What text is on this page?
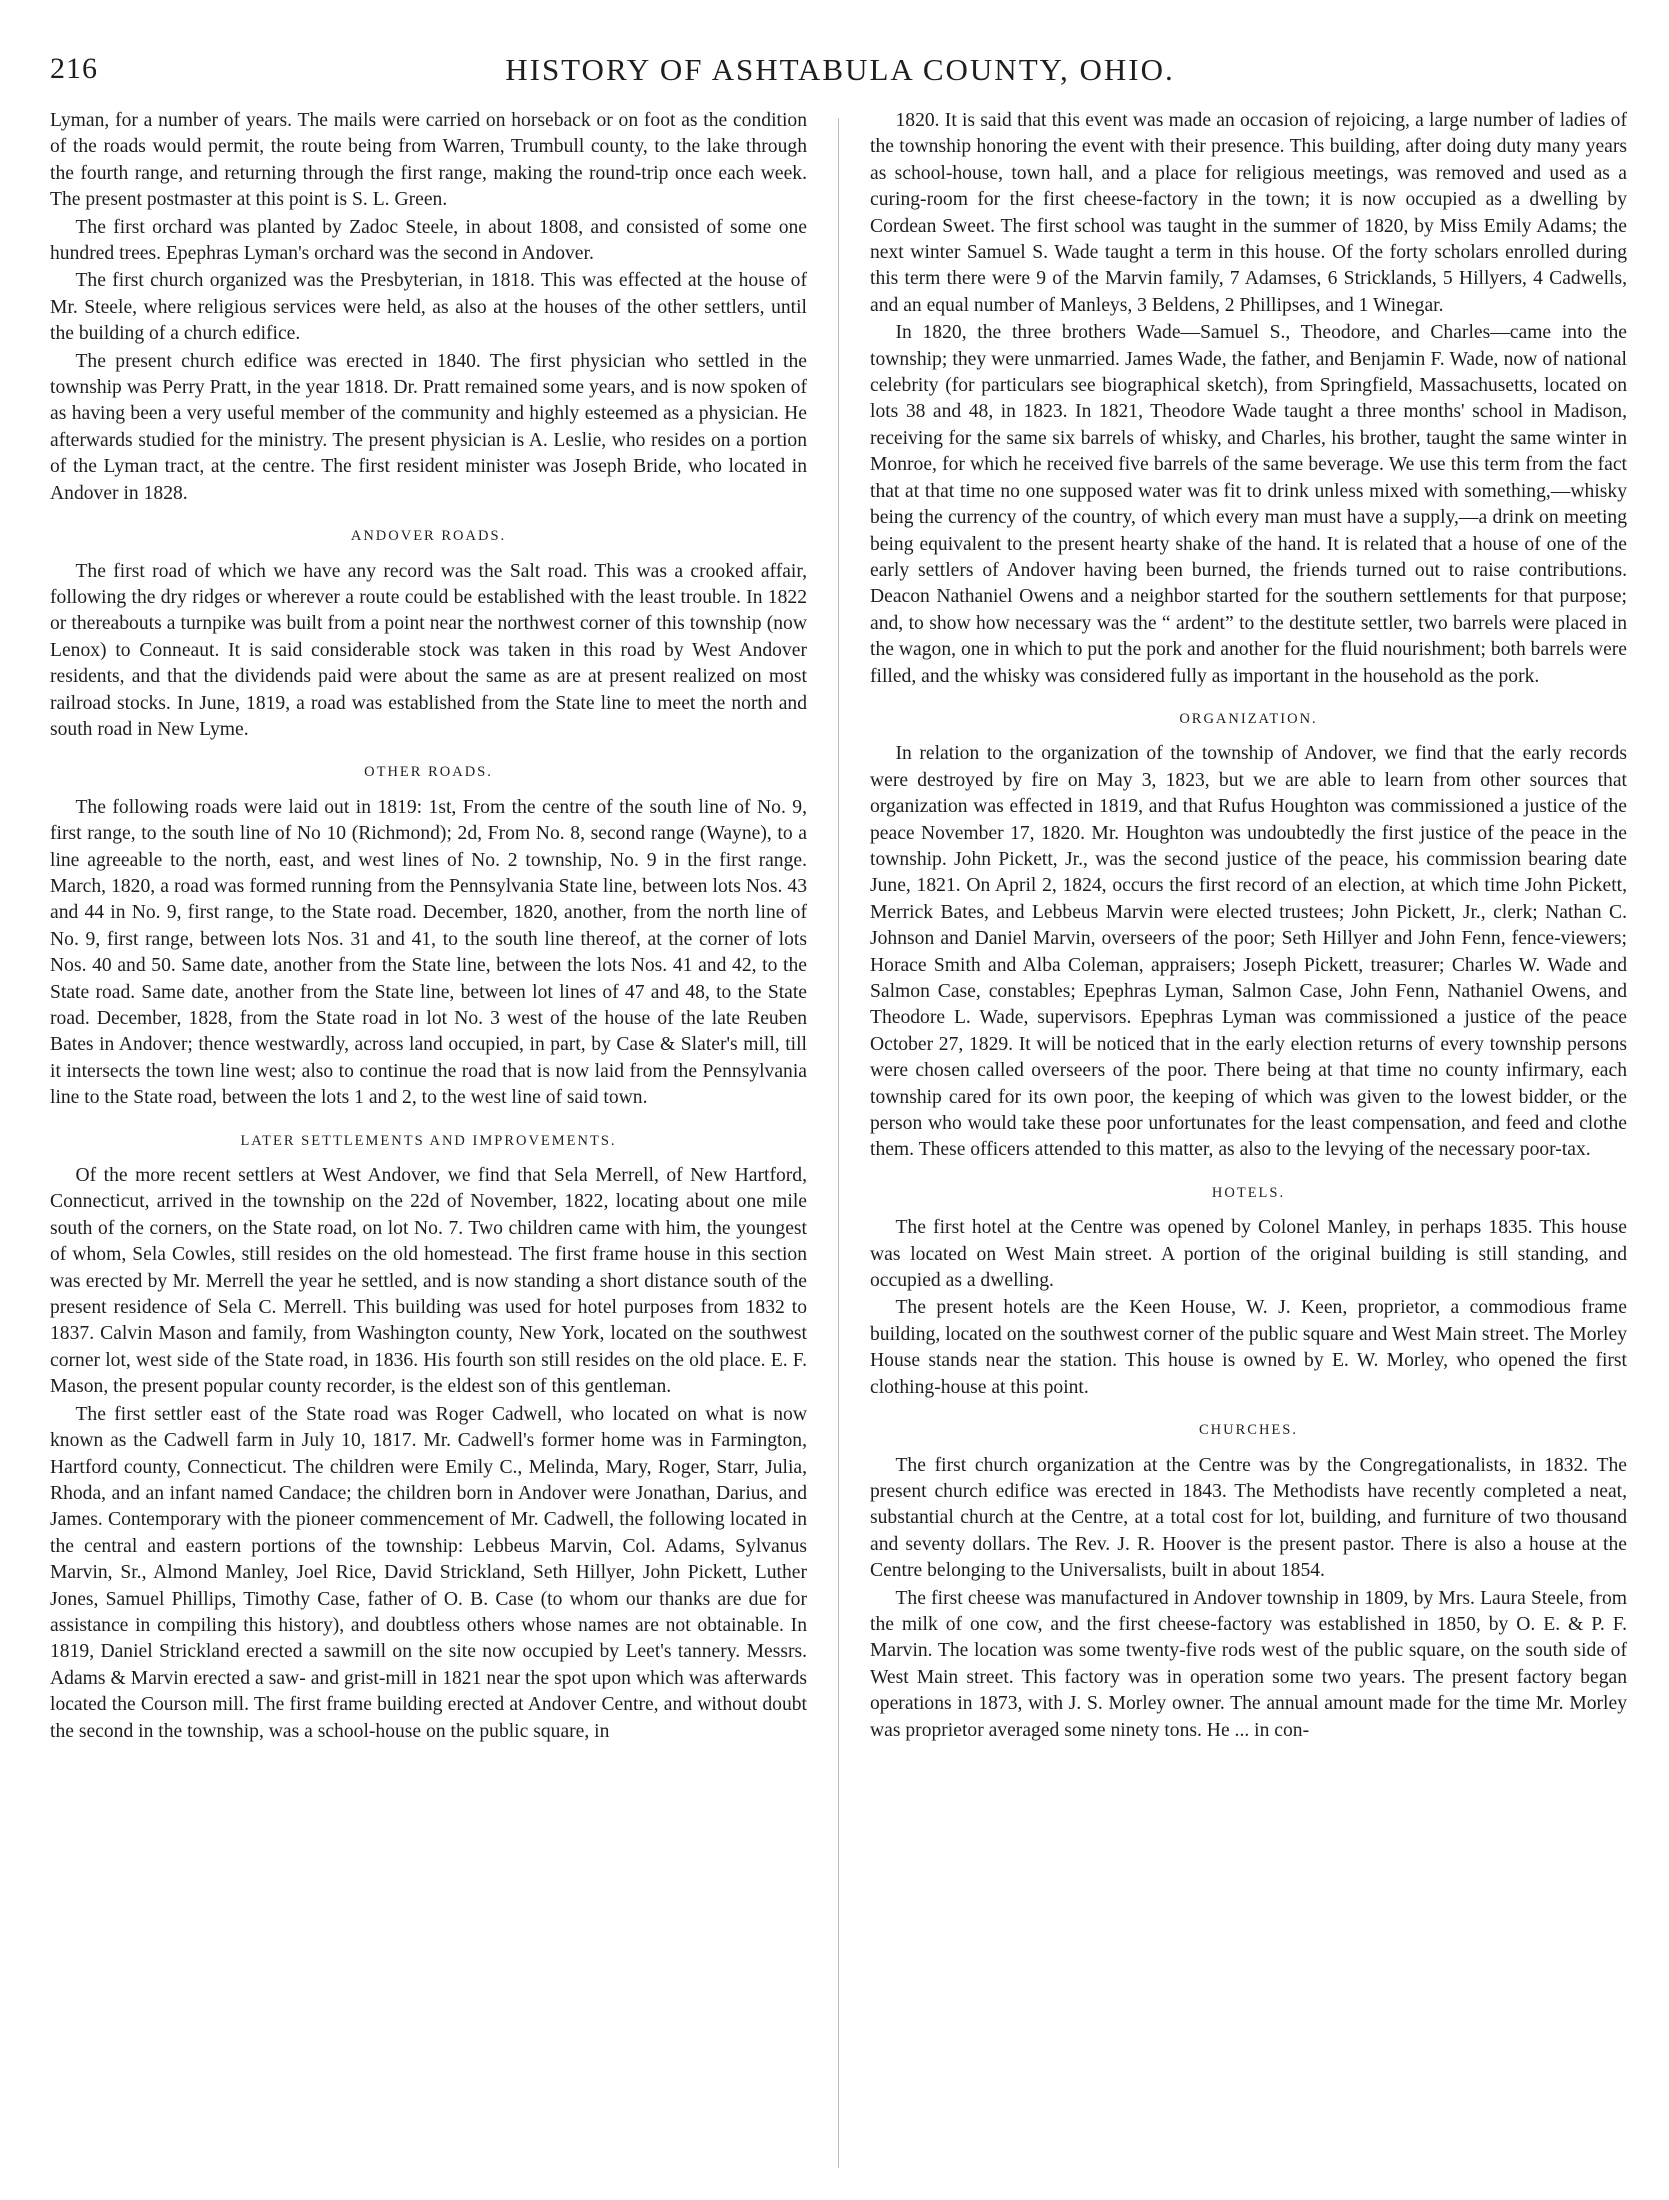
216	HISTORY OF ASHTABULA COUNTY, OHIO.

Lyman, for a number of years. The mails were carried on horseback or on foot as the condition of the roads would permit, the route being from Warren, Trumbull county, to the lake through the fourth range, and returning through the first range, making the round-trip once each week. The present postmaster at this point is S. L. Green.

The first orchard was planted by Zadoc Steele, in about 1808, and consisted of some one hundred trees. Epephras Lyman's orchard was the second in Andover.

The first church organized was the Presbyterian, in 1818. This was effected at the house of Mr. Steele, where religious services were held, as also at the houses of the other settlers, until the building of a church edifice.

The present church edifice was erected in 1840. The first physician who settled in the township was Perry Pratt, in the year 1818. Dr. Pratt remained some years, and is now spoken of as having been a very useful member of the community and highly esteemed as a physician. He afterwards studied for the ministry. The present physician is A. Leslie, who resides on a portion of the Lyman tract, at the centre. The first resident minister was Joseph Bride, who located in Andover in 1828.

ANDOVER ROADS.

The first road of which we have any record was the Salt road. This was a crooked affair, following the dry ridges or wherever a route could be established with the least trouble. In 1822 or thereabouts a turnpike was built from a point near the northwest corner of this township (now Lenox) to Conneaut. It is said considerable stock was taken in this road by West Andover residents, and that the dividends paid were about the same as are at present realized on most railroad stocks. In June, 1819, a road was established from the State line to meet the north and south road in New Lyme.

OTHER ROADS.

The following roads were laid out in 1819: 1st, From the centre of the south line of No. 9, first range, to the south line of No 10 (Richmond); 2d, From No. 8, second range (Wayne), to a line agreeable to the north, east, and west lines of No. 2 township, No. 9 in the first range. March, 1820, a road was formed running from the Pennsylvania State line, between lots Nos. 43 and 44 in No. 9, first range, to the State road. December, 1820, another, from the north line of No. 9, first range, between lots Nos. 31 and 41, to the south line thereof, at the corner of lots Nos. 40 and 50. Same date, another from the State line, between the lots Nos. 41 and 42, to the State road. Same date, another from the State line, between lot lines of 47 and 48, to the State road. December, 1828, from the State road in lot No. 3 west of the house of the late Reuben Bates in Andover; thence westwardly, across land occupied, in part, by Case & Slater's mill, till it intersects the town line west; also to continue the road that is now laid from the Pennsylvania line to the State road, between the lots 1 and 2, to the west line of said town.

LATER SETTLEMENTS AND IMPROVEMENTS.

Of the more recent settlers at West Andover, we find that Sela Merrell, of New Hartford, Connecticut, arrived in the township on the 22d of November, 1822, locating about one mile south of the corners, on the State road, on lot No. 7. Two children came with him, the youngest of whom, Sela Cowles, still resides on the old homestead. The first frame house in this section was erected by Mr. Merrell the year he settled, and is now standing a short distance south of the present residence of Sela C. Merrell. This building was used for hotel purposes from 1832 to 1837. Calvin Mason and family, from Washington county, New York, located on the southwest corner lot, west side of the State road, in 1836. His fourth son still resides on the old place. E. F. Mason, the present popular county recorder, is the eldest son of this gentleman.

The first settler east of the State road was Roger Cadwell, who located on what is now known as the Cadwell farm in July 10, 1817. Mr. Cadwell's former home was in Farmington, Hartford county, Connecticut. The children were Emily C., Melinda, Mary, Roger, Starr, Julia, Rhoda, and an infant named Candace; the children born in Andover were Jonathan, Darius, and James. Contemporary with the pioneer commencement of Mr. Cadwell, the following located in the central and eastern portions of the township: Lebbeus Marvin, Col. Adams, Sylvanus Marvin, Sr., Almond Manley, Joel Rice, David Strickland, Seth Hillyer, John Pickett, Luther Jones, Samuel Phillips, Timothy Case, father of O. B. Case (to whom our thanks are due for assistance in compiling this history), and doubtless others whose names are not obtainable. In 1819, Daniel Strickland erected a sawmill on the site now occupied by Leet's tannery. Messrs. Adams & Marvin erected a saw- and grist-mill in 1821 near the spot upon which was afterwards located the Courson mill. The first frame building erected at Andover Centre, and without doubt the second in the township, was a school-house on the public square, in

1820. It is said that this event was made an occasion of rejoicing, a large number of ladies of the township honoring the event with their presence. This building, after doing duty many years as school-house, town hall, and a place for religious meetings, was removed and used as a curing-room for the first cheese-factory in the town; it is now occupied as a dwelling by Cordean Sweet. The first school was taught in the summer of 1820, by Miss Emily Adams; the next winter Samuel S. Wade taught a term in this house. Of the forty scholars enrolled during this term there were 9 of the Marvin family, 7 Adamses, 6 Stricklands, 5 Hillyers, 4 Cadwells, and an equal number of Manleys, 3 Beldens, 2 Phillipses, and 1 Winegar.

In 1820, the three brothers Wade—Samuel S., Theodore, and Charles—came into the township; they were unmarried. James Wade, the father, and Benjamin F. Wade, now of national celebrity (for particulars see biographical sketch), from Springfield, Massachusetts, located on lots 38 and 48, in 1823. In 1821, Theodore Wade taught a three months' school in Madison, receiving for the same six barrels of whisky, and Charles, his brother, taught the same winter in Monroe, for which he received five barrels of the same beverage. We use this term from the fact that at that time no one supposed water was fit to drink unless mixed with something,—whisky being the currency of the country, of which every man must have a supply,—a drink on meeting being equivalent to the present hearty shake of the hand. It is related that a house of one of the early settlers of Andover having been burned, the friends turned out to raise contributions. Deacon Nathaniel Owens and a neighbor started for the southern settlements for that purpose; and, to show how necessary was the “ ardent” to the destitute settler, two barrels were placed in the wagon, one in which to put the pork and another for the fluid nourishment; both barrels were filled, and the whisky was considered fully as important in the household as the pork.

ORGANIZATION.

In relation to the organization of the township of Andover, we find that the early records were destroyed by fire on May 3, 1823, but we are able to learn from other sources that organization was effected in 1819, and that Rufus Houghton was commissioned a justice of the peace November 17, 1820. Mr. Houghton was undoubtedly the first justice of the peace in the township. John Pickett, Jr., was the second justice of the peace, his commission bearing date June, 1821. On April 2, 1824, occurs the first record of an election, at which time John Pickett, Merrick Bates, and Lebbeus Marvin were elected trustees; John Pickett, Jr., clerk; Nathan C. Johnson and Daniel Marvin, overseers of the poor; Seth Hillyer and John Fenn, fence-viewers; Horace Smith and Alba Coleman, appraisers; Joseph Pickett, treasurer; Charles W. Wade and Salmon Case, constables; Epephras Lyman, Salmon Case, John Fenn, Nathaniel Owens, and Theodore L. Wade, supervisors. Epephras Lyman was commissioned a justice of the peace October 27, 1829. It will be noticed that in the early election returns of every township persons were chosen called overseers of the poor. There being at that time no county infirmary, each township cared for its own poor, the keeping of which was given to the lowest bidder, or the person who would take these poor unfortunates for the least compensation, and feed and clothe them. These officers attended to this matter, as also to the levying of the necessary poor-tax.

HOTELS.

The first hotel at the Centre was opened by Colonel Manley, in perhaps 1835. This house was located on West Main street. A portion of the original building is still standing, and occupied as a dwelling.

The present hotels are the Keen House, W. J. Keen, proprietor, a commodious frame building, located on the southwest corner of the public square and West Main street. The Morley House stands near the station. This house is owned by E. W. Morley, who opened the first clothing-house at this point.

CHURCHES.

The first church organization at the Centre was by the Congregationalists, in 1832. The present church edifice was erected in 1843. The Methodists have recently completed a neat, substantial church at the Centre, at a total cost for lot, building, and furniture of two thousand and seventy dollars. The Rev. J. R. Hoover is the present pastor. There is also a house at the Centre belonging to the Universalists, built in about 1854.

The first cheese was manufactured in Andover township in 1809, by Mrs. Laura Steele, from the milk of one cow, and the first cheese-factory was established in 1850, by O. E. & P. F. Marvin. The location was some twenty-five rods west of the public square, on the south side of West Main street. This factory was in operation some two years. The present factory began operations in 1873, with J. S. Morley owner. The annual amount made for the time Mr. Morley was proprietor averaged some ninety tons. He ... in con-
